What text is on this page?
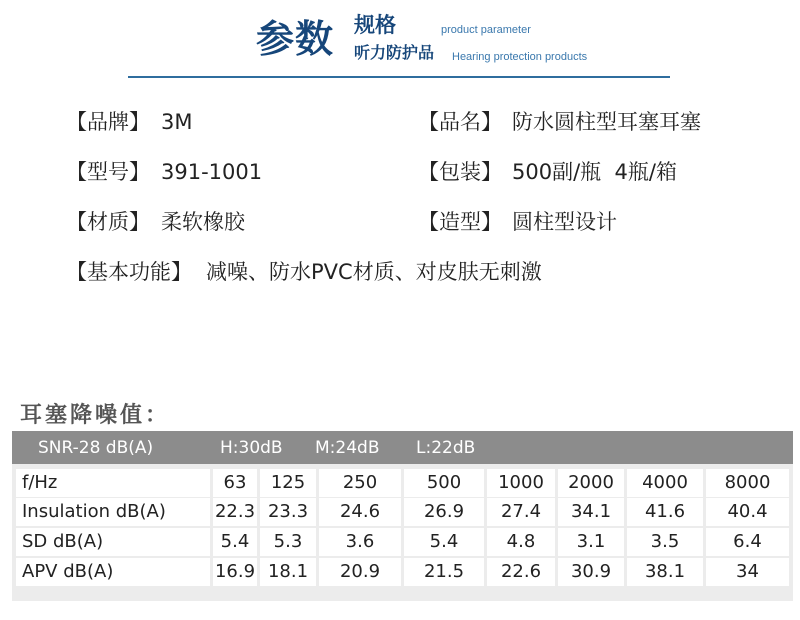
参数 规格	product parameter
听力防护品 Hearing protection products
【品牌】 3M	【品名】 防水圆柱型耳塞耳塞
【型号】 391-1001	【包装】 500副/瓶  4瓶/箱
【材质】 柔软橡胶	【造型】 圆柱型设计
【基本功能】 减噪、防水PVC材质、对皮肤无刺激
耳塞降噪值：
SNR-28 dB(A)	H:30dB M:24dB L:22dB
f/Hz	63	125	250	500	1000	2000	4000	8000
Insulation dB(A)	22.3 23.3	24.6	26.9	27.4	34.1	41.6	40.4
SD dB(A)	5.4	5.3	3.6	5.4	4.8	3.1	3.5	6.4
APV dB(A)	16.9 18.1	20.9	21.5	22.6	30.9	38.1	34
